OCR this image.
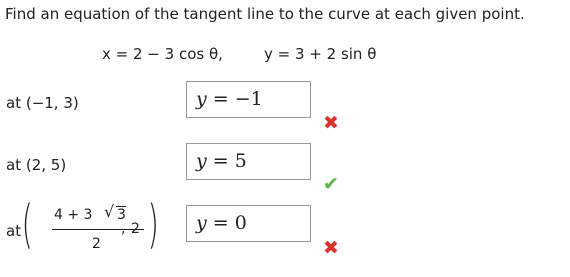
Find an equation of the tangent line to the curve at each given point.
x = 2 − 3 cos θ,	y = 3 + 2 sin θ
at (−1, 3)	y = −1
✖
at (2, 5)	y = 5
✔
at ( 4 + 3 √ 3
2
, 2 )	y = 0
✖
